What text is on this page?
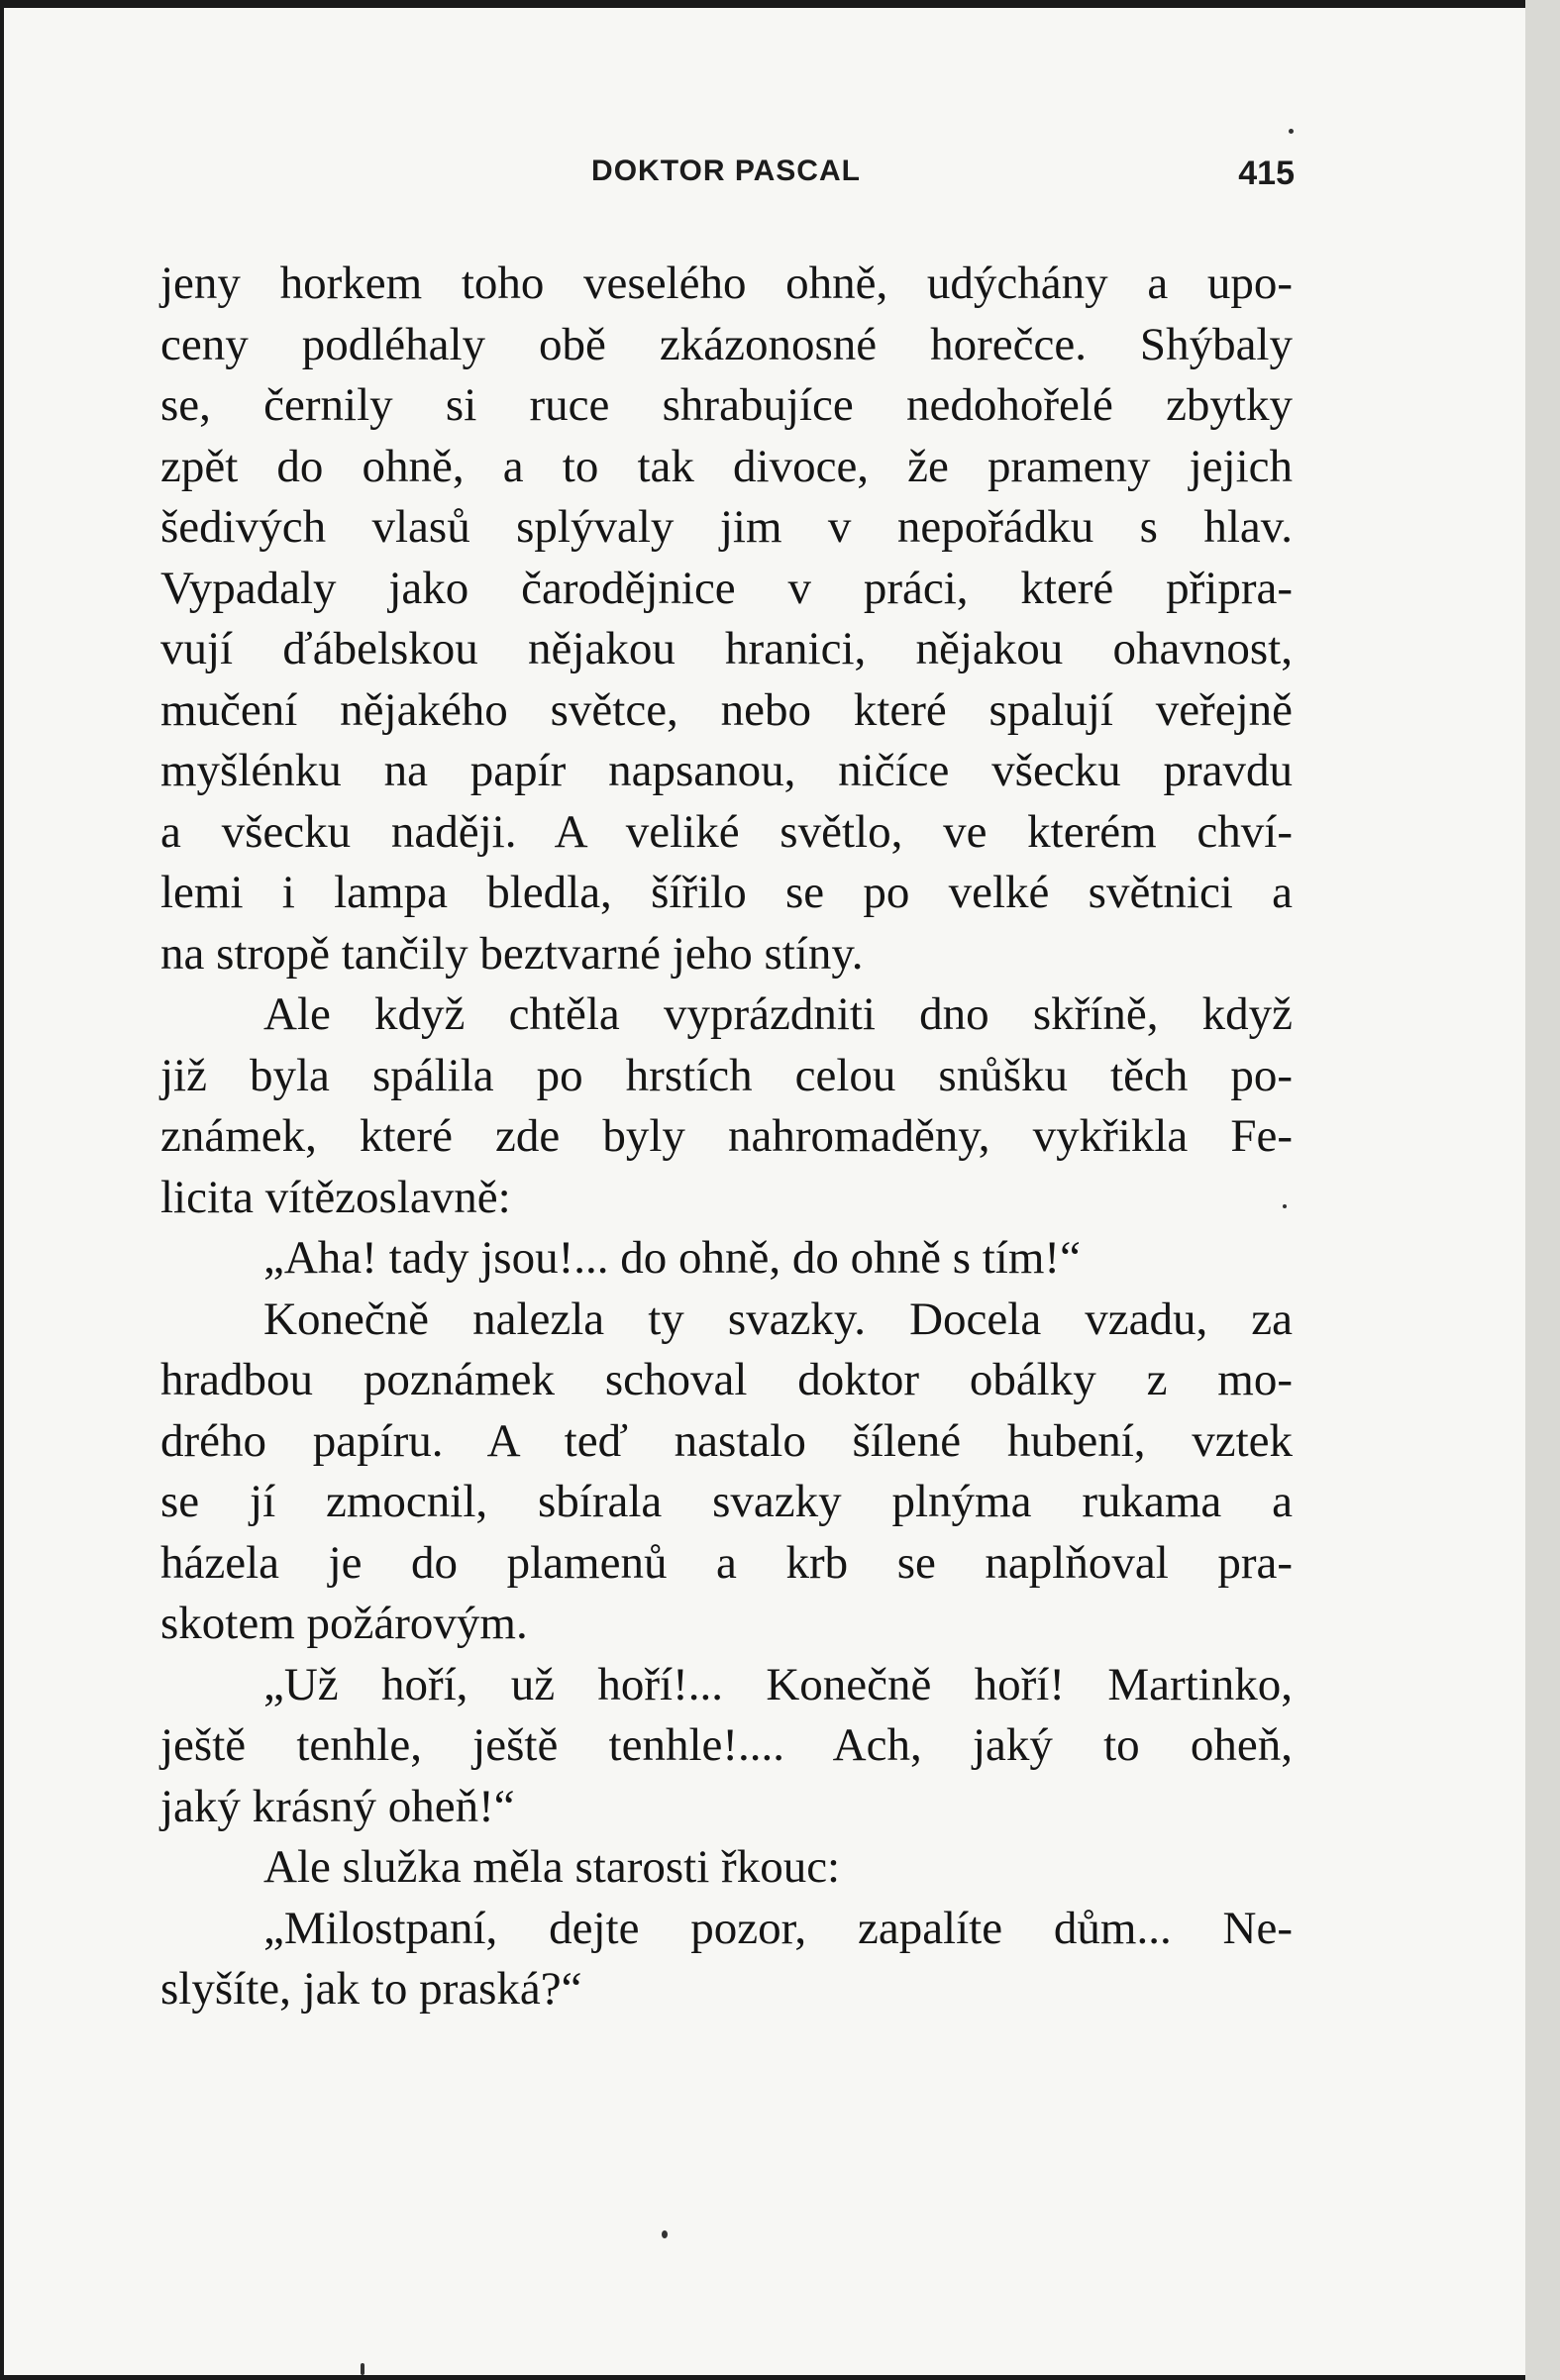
DOKTOR PASCAL	415
jeny horkem toho veselého ohně, udýchány a upo-
ceny podléhaly obě zkázonosné horečce. Shýbaly
se, černily si ruce shrabujíce nedohořelé zbytky
zpět do ohně, a to tak divoce, že prameny jejich
šedivých vlasů splývaly jim v nepořádku s hlav.
Vypadaly jako čarodějnice v práci, které připra-
vují ďábelskou nějakou hranici, nějakou ohavnost,
mučení nějakého světce, nebo které spalují veřejně
myšlénku na papír napsanou, ničíce všecku pravdu
a všecku naději. A veliké světlo, ve kterém chví-
lemi i lampa bledla, šířilo se po velké světnici a
na stropě tančily beztvarné jeho stíny.
Ale když chtěla vyprázdniti dno skříně, když
již byla spálila po hrstích celou snůšku těch po-
známek, které zde byly nahromaděny, vykřikla Fe-
licita vítězoslavně:
„Aha! tady jsou!... do ohně, do ohně s tím!“
Konečně nalezla ty svazky. Docela vzadu, za
hradbou poznámek schoval doktor obálky z mo-
drého papíru. A teď nastalo šílené hubení, vztek
se jí zmocnil, sbírala svazky plnýma rukama a
házela je do plamenů a krb se naplňoval pra-
skotem požárovým.
„Už hoří, už hoří!... Konečně hoří! Martinko,
ještě tenhle, ještě tenhle!.... Ach, jaký to oheň,
jaký krásný oheň!“
Ale služka měla starosti řkouc:
„Milostpaní, dejte pozor, zapalíte dům... Ne-
slyšíte, jak to praská?“
